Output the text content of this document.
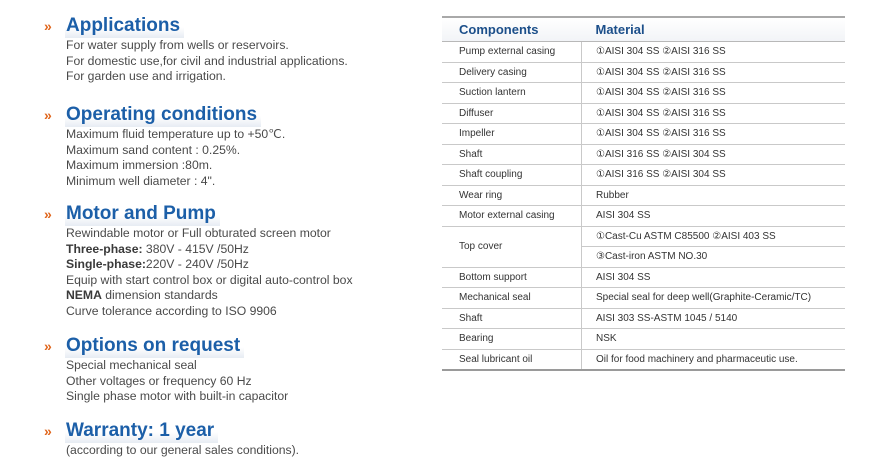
» Applications
For water supply from wells or reservoirs.
For domestic use,for civil and industrial applications.
For garden use and irrigation.
» Operating conditions
Maximum fluid temperature up to +50℃.
Maximum sand content : 0.25%.
Maximum immersion :80m.
Minimum well diameter : 4".
» Motor and Pump
Rewindable motor or Full obturated screen motor
Three-phase: 380V - 415V /50Hz
Single-phase:220V - 240V /50Hz
Equip with start control box or digital auto-control box
NEMA dimension standards
Curve tolerance according to ISO 9906
» Options on request
Special mechanical seal
Other voltages or frequency 60 Hz
Single phase motor with built-in capacitor
» Warranty: 1 year
(according to our general sales conditions).
Components	Material
Pump external casing	①AISI 304 SS ②AISI 316 SS
Delivery casing	①AISI 304 SS ②AISI 316 SS
Suction lantern	①AISI 304 SS ②AISI 316 SS
Diffuser	①AISI 304 SS ②AISI 316 SS
Impeller	①AISI 304 SS ②AISI 316 SS
Shaft	①AISI 316 SS ②AISI 304 SS
Shaft coupling	①AISI 316 SS ②AISI 304 SS
Wear ring	Rubber
Motor external casing	AISI 304 SS
Top cover	①Cast-Cu ASTM C85500 ②AISI 403 SS
	③Cast-iron ASTM NO.30
Bottom support	AISI 304 SS
Mechanical seal	Special seal for deep well(Graphite-Ceramic/TC)
Shaft	AISI 303 SS-ASTM 1045 / 5140
Bearing	NSK
Seal lubricant oil	Oil for food machinery and pharmaceutic use.
